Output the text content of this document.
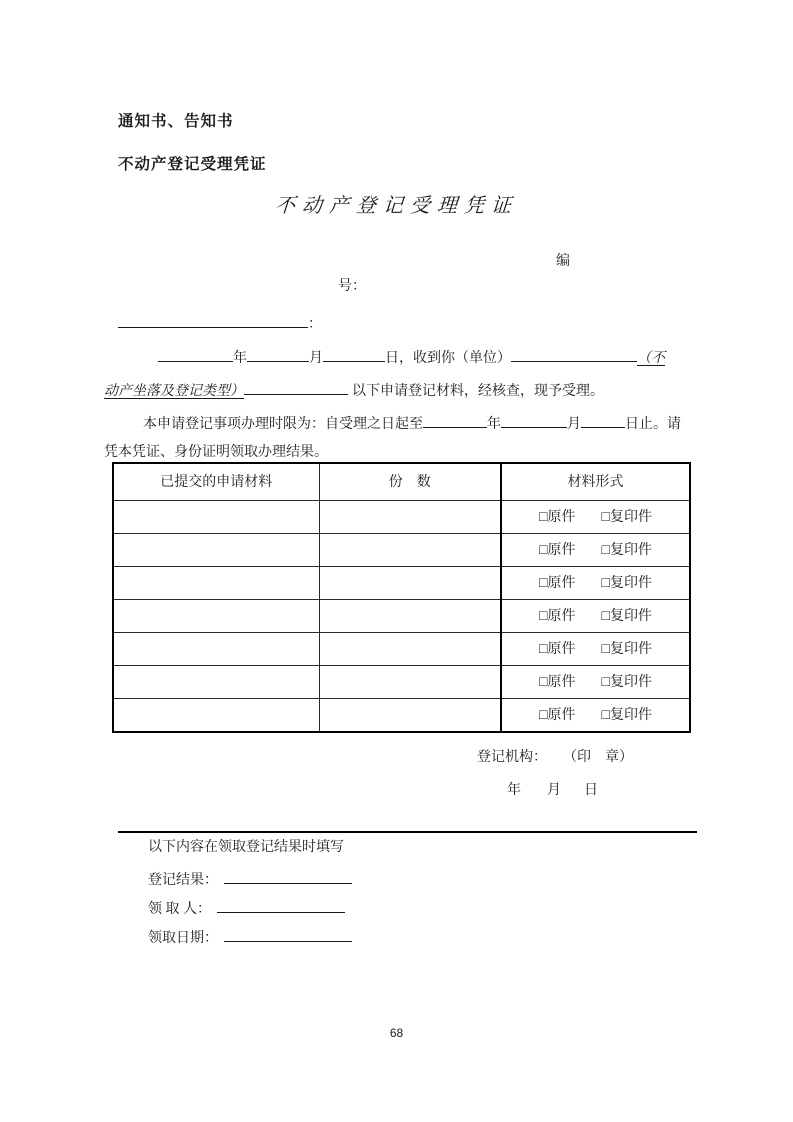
通知书、告知书
不动产登记受理凭证
不动产登记受理凭证
编
号：
：
年	月	日，收到你（单位）	（不
动产坐落及登记类型）	以下申请登记材料，经核查，现予受理。
本申请登记事项办理时限为：自受理之日起至	年	月	日止。请
凭本凭证、身份证明领取办理结果。
已提交的申请材料	份　数	材料形式
		□原件 □复印件
		□原件 □复印件
		□原件 □复印件
		□原件 □复印件
		□原件 □复印件
		□原件 □复印件
		□原件 □复印件
登记机构： （印　章）
年 月 日
以下内容在领取登记结果时填写
登记结果：
领 取 人：
领取日期：
68
